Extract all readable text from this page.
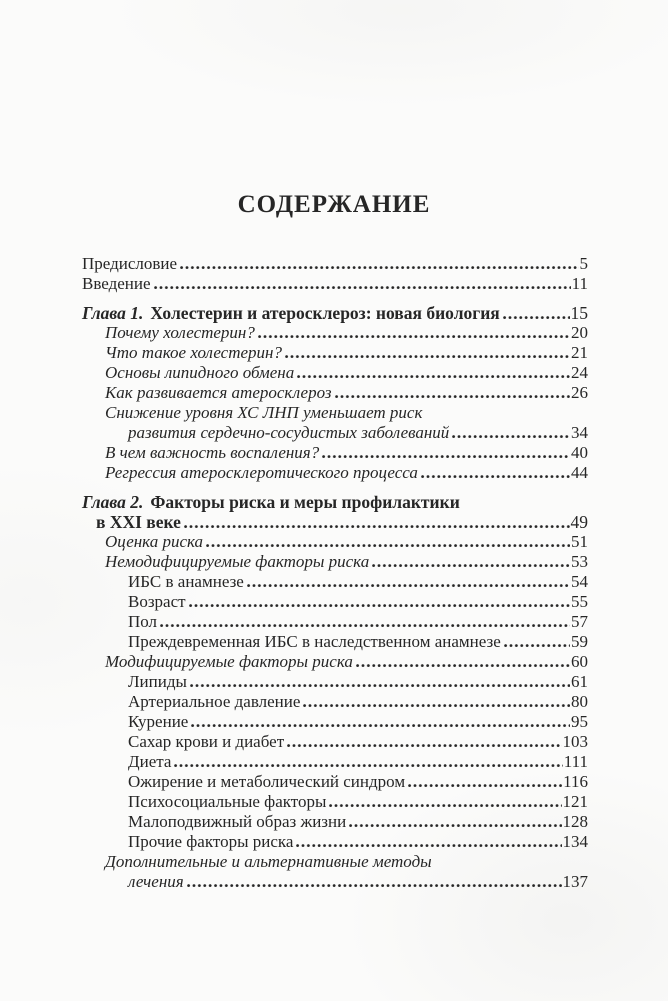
СОДЕРЖАНИЕ
Предисловие	5
Введение	11
Глава 1. Холестерин и атеросклероз: новая биология	15
Почему холестерин?	20
Что такое холестерин?	21
Основы липидного обмена	24
Как развивается атеросклероз	26
Снижение уровня ХС ЛНП уменьшает риск
развития сердечно-сосудистых заболеваний	34
В чем важность воспаления?	40
Регрессия атеросклеротического процесса	44
Глава 2. Факторы риска и меры профилактики
в XXI веке	49
Оценка риска	51
Немодифицируемые факторы риска	53
ИБС в анамнезе	54
Возраст	55
Пол	57
Преждевременная ИБС в наследственном анамнезе	59
Модифицируемые факторы риска	60
Липиды	61
Артериальное давление	80
Курение	95
Сахар крови и диабет	103
Диета	111
Ожирение и метаболический синдром	116
Психосоциальные факторы	121
Малоподвижный образ жизни	128
Прочие факторы риска	134
Дополнительные и альтернативные методы
лечения	137
